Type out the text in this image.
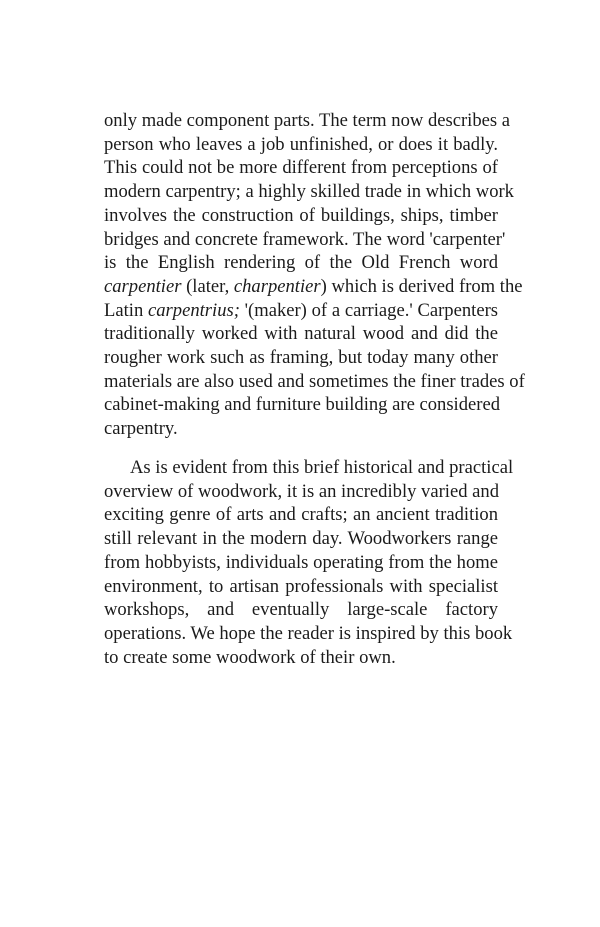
only made component parts. The term now describes a
person who leaves a job unfinished, or does it badly.
This could not be more different from perceptions of
modern carpentry; a highly skilled trade in which work
involves the construction of buildings, ships, timber
bridges and concrete framework. The word 'carpenter'
is the English rendering of the Old French word
carpentier (later, charpentier) which is derived from the
Latin carpentrius; '(maker) of a carriage.' Carpenters
traditionally worked with natural wood and did the
rougher work such as framing, but today many other
materials are also used and sometimes the finer trades of
cabinet-making and furniture building are considered
carpentry.
As is evident from this brief historical and practical
overview of woodwork, it is an incredibly varied and
exciting genre of arts and crafts; an ancient tradition
still relevant in the modern day. Woodworkers range
from hobbyists, individuals operating from the home
environment, to artisan professionals with specialist
workshops, and eventually large-scale factory
operations. We hope the reader is inspired by this book
to create some woodwork of their own.
